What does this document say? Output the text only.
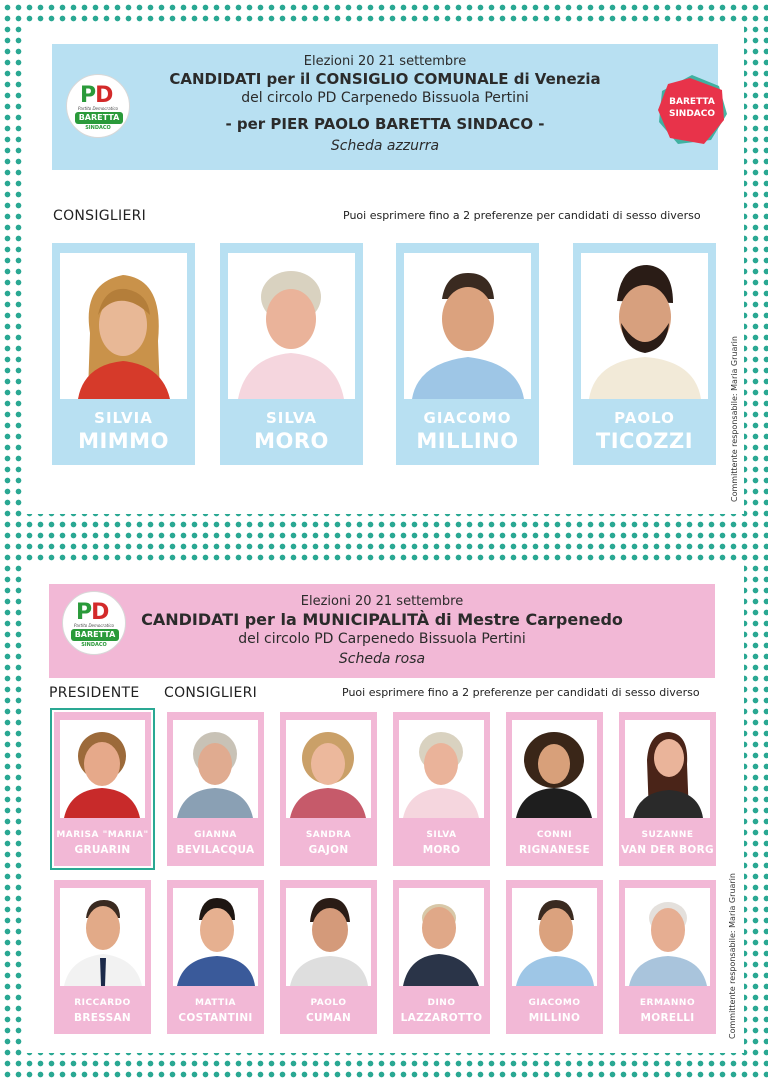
PD
Partito Democratico
BARETTA
SINDACO
Elezioni 20 21 settembre
CANDIDATI per il CONSIGLIO COMUNALE di Venezia
del circolo PD Carpenedo Bissuola Pertini
- per PIER PAOLO BARETTA SINDACO -
Scheda azzurra
BARETTA
SINDACO
CONSIGLIERI	Puoi esprimere fino a 2 preferenze per candidati di sesso diverso
SILVIA
MIMMO
SILVA
MORO
GIACOMO
MILLINO
PAOLO
TICOZZI	Committente responsabile: Maria Gruarin
PD
Partito Democratico
BARETTA
SINDACO
Elezioni 20 21 settembre
CANDIDATI per la MUNICIPALITÀ di Mestre Carpenedo
del circolo PD Carpenedo Bissuola Pertini
Scheda rosa
PRESIDENTE CONSIGLIERI	Puoi esprimere fino a 2 preferenze per candidati di sesso diverso
MARISA "MARIA"
GRUARIN
GIANNA
BEVILACQUA
SANDRA
GAJON
SILVA
MORO
CONNI
RIGNANESE
SUZANNE
VAN DER BORG
RICCARDO
BRESSAN
MATTIA
COSTANTINI
PAOLO
CUMAN
DINO
LAZZAROTTO
GIACOMO
MILLINO
ERMANNO
MORELLI	Committente responsabile: Maria Gruarin
